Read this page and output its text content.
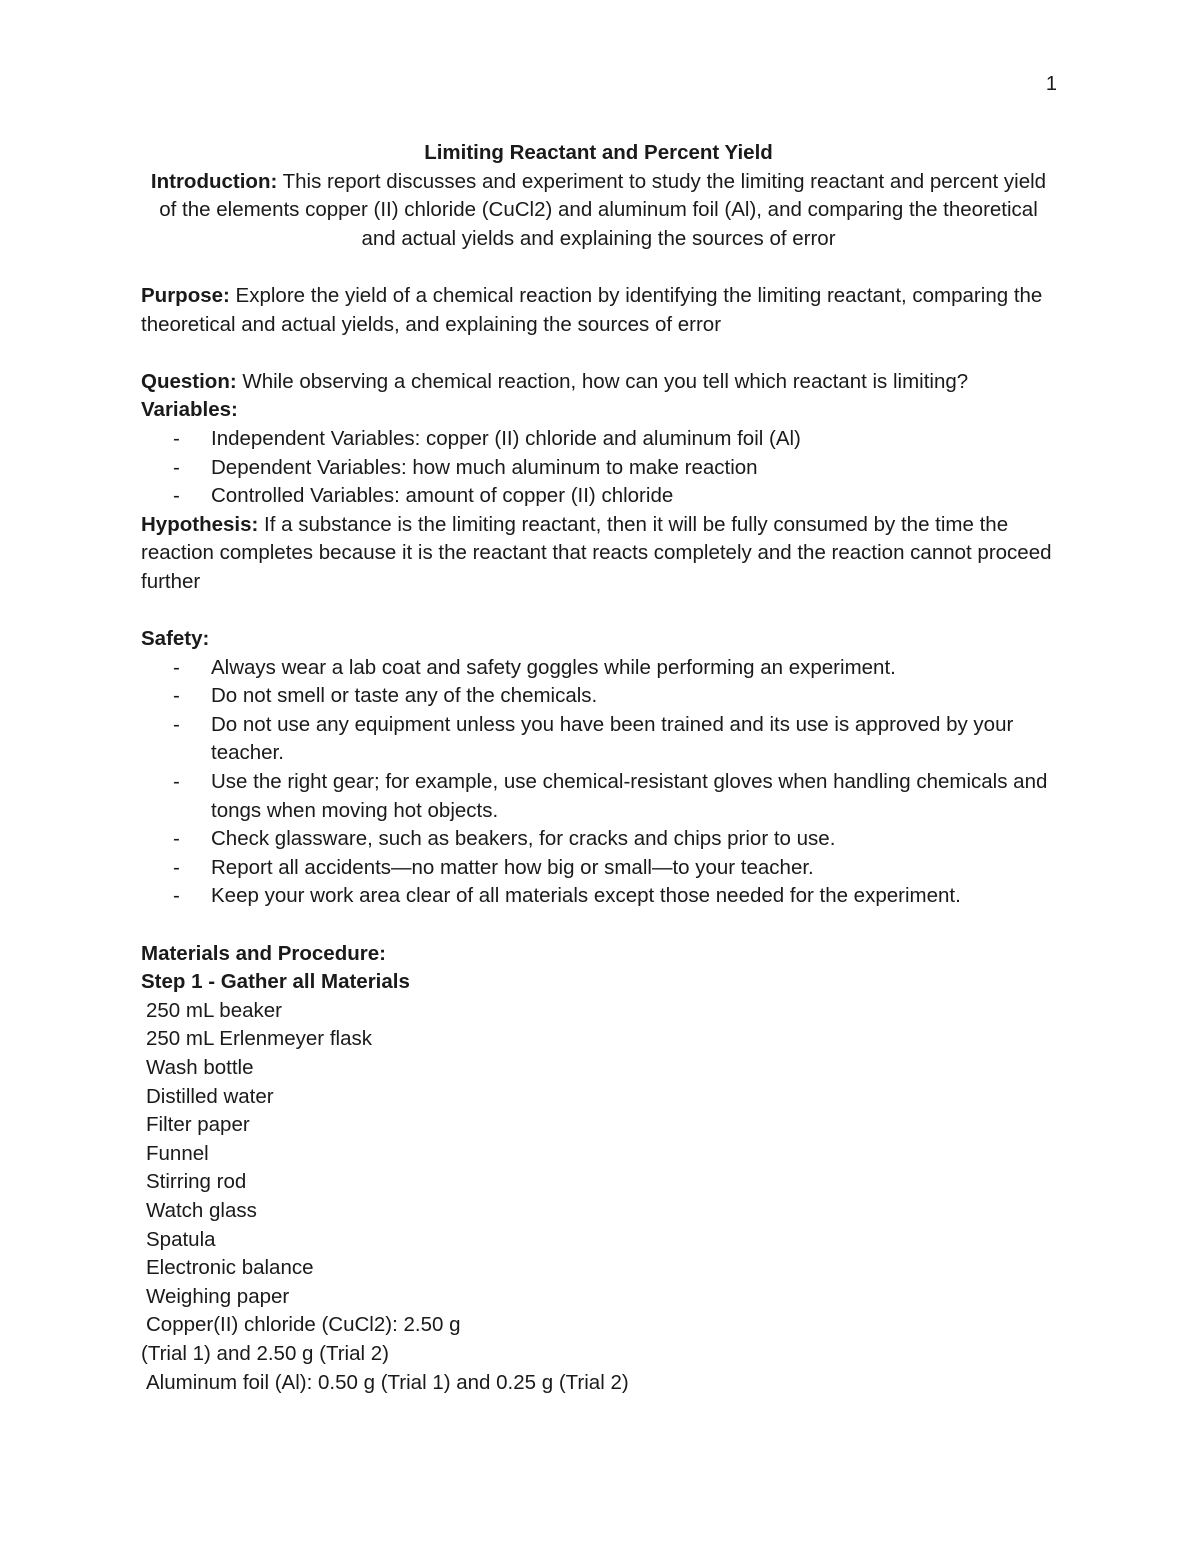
1

Limiting Reactant and Percent Yield

Introduction: This report discusses and experiment to study the limiting reactant and percent yield of the elements copper (II) chloride (CuCl2) and aluminum foil (Al), and comparing the theoretical and actual yields and explaining the sources of error

Purpose: Explore the yield of a chemical reaction by identifying the limiting reactant, comparing the theoretical and actual yields, and explaining the sources of error

Question: While observing a chemical reaction, how can you tell which reactant is limiting?

Variables:

- Independent Variables: copper (II) chloride and aluminum foil (Al)
- Dependent Variables: how much aluminum to make reaction
- Controlled Variables: amount of copper (II) chloride

Hypothesis: If a substance is the limiting reactant, then it will be fully consumed by the time the reaction completes because it is the reactant that reacts completely and the reaction cannot proceed further

Safety:

- Always wear a lab coat and safety goggles while performing an experiment.
- Do not smell or taste any of the chemicals.
- Do not use any equipment unless you have been trained and its use is approved by your teacher.
- Use the right gear; for example, use chemical-resistant gloves when handling chemicals and tongs when moving hot objects.
- Check glassware, such as beakers, for cracks and chips prior to use.
- Report all accidents—no matter how big or small—to your teacher.
- Keep your work area clear of all materials except those needed for the experiment.

Materials and Procedure:

Step 1 - Gather all Materials

250 mL beaker

250 mL Erlenmeyer flask

Wash bottle

Distilled water

Filter paper

Funnel

Stirring rod

Watch glass

Spatula

Electronic balance

Weighing paper

Copper(II) chloride (CuCl2): 2.50 g

(Trial 1) and 2.50 g (Trial 2)

Aluminum foil (Al): 0.50 g (Trial 1) and 0.25 g (Trial 2)
